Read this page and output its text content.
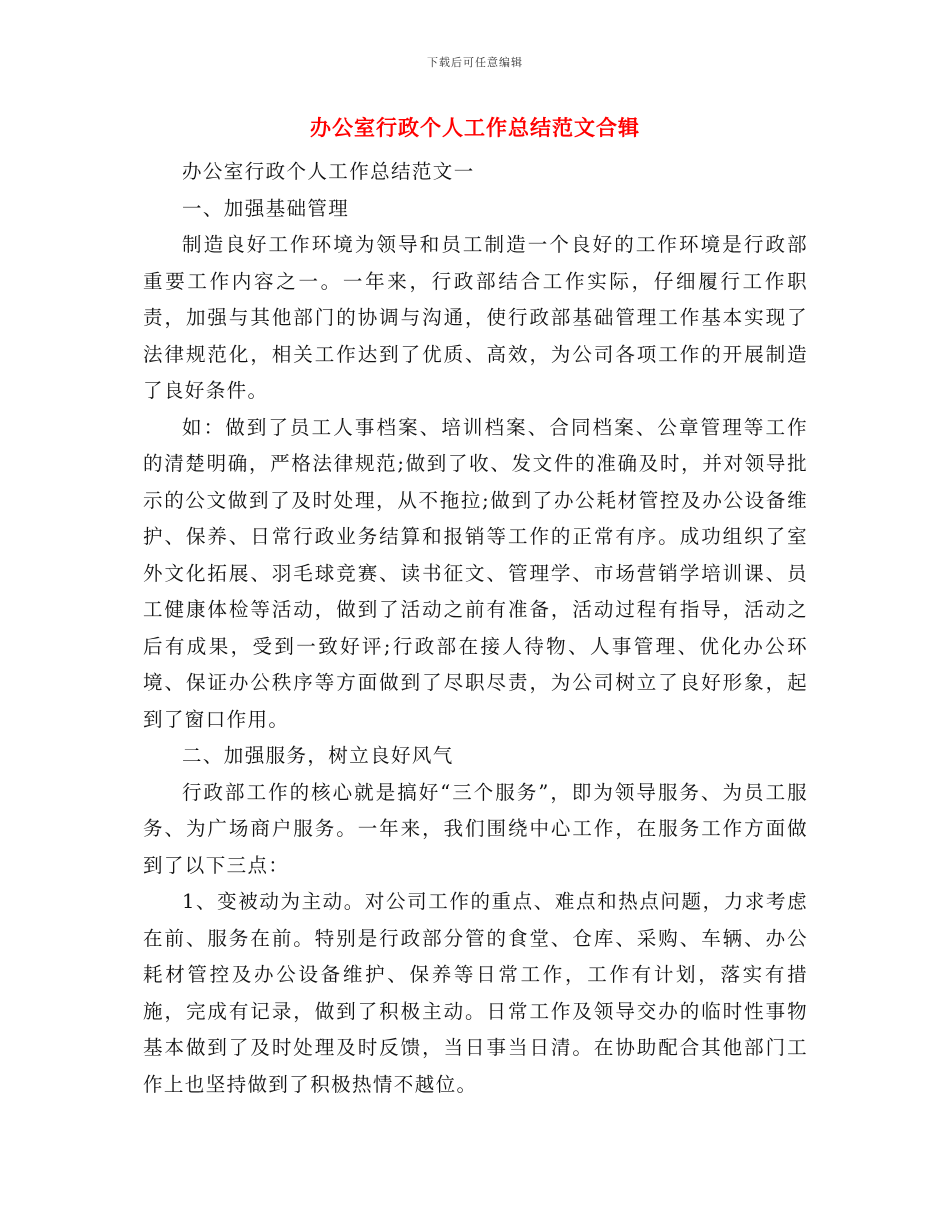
下载后可任意编辑
办公室行政个人工作总结范文合辑

办公室行政个人工作总结范文一

一、加强基础管理

制造良好工作环境为领导和员工制造一个良好的工作环境是行政部重要工作内容之一。一年来，行政部结合工作实际，仔细履行工作职责，加强与其他部门的协调与沟通，使行政部基础管理工作基本实现了法律规范化，相关工作达到了优质、高效，为公司各项工作的开展制造了良好条件。

如：做到了员工人事档案、培训档案、合同档案、公章管理等工作的清楚明确，严格法律规范;做到了收、发文件的准确及时，并对领导批示的公文做到了及时处理，从不拖拉;做到了办公耗材管控及办公设备维护、保养、日常行政业务结算和报销等工作的正常有序。成功组织了室外文化拓展、羽毛球竞赛、读书征文、管理学、市场营销学培训课、员工健康体检等活动，做到了活动之前有准备，活动过程有指导，活动之后有成果，受到一致好评;行政部在接人待物、人事管理、优化办公环境、保证办公秩序等方面做到了尽职尽责，为公司树立了良好形象，起到了窗口作用。

二、加强服务，树立良好风气

行政部工作的核心就是搞好“三个服务”，即为领导服务、为员工服务、为广场商户服务。一年来，我们围绕中心工作，在服务工作方面做到了以下三点：

1、变被动为主动。对公司工作的重点、难点和热点问题，力求考虑在前、服务在前。特别是行政部分管的食堂、仓库、采购、车辆、办公耗材管控及办公设备维护、保养等日常工作，工作有计划，落实有措施，完成有记录，做到了积极主动。日常工作及领导交办的临时性事物基本做到了及时处理及时反馈，当日事当日清。在协助配合其他部门工作上也坚持做到了积极热情不越位。
